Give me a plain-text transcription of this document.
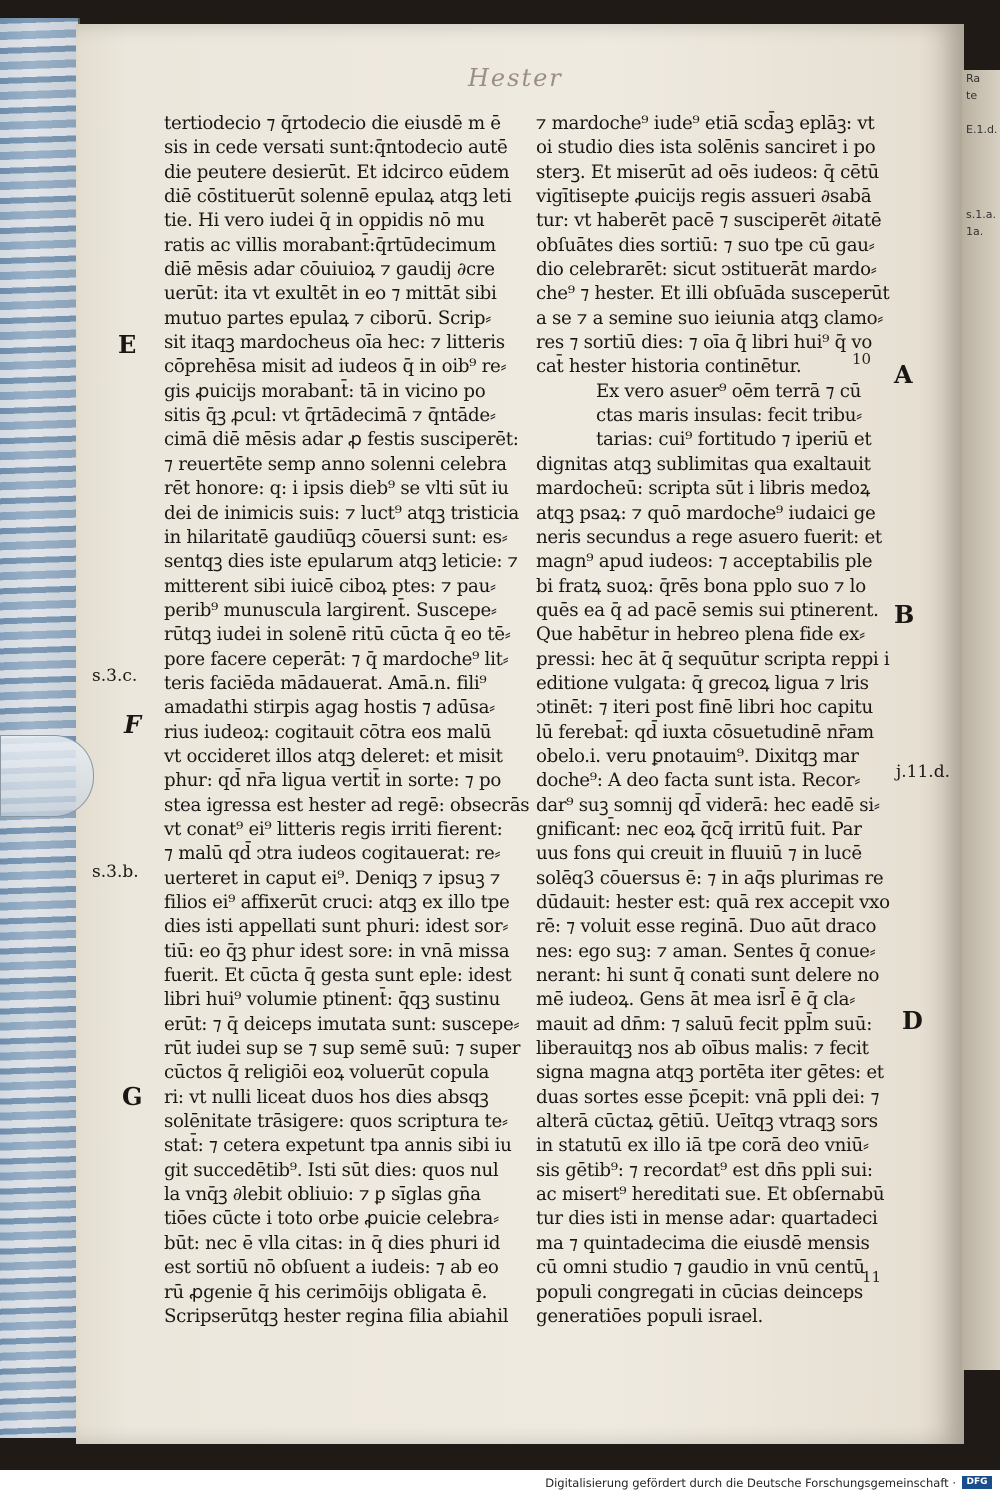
Ra
te

E.1.d.

s.1.a.
1a.
Hester
tertiodecio ⁊ q̄rtodecio die eiusdē m ē
sis in cede versati sunt:q̄ntodecio autē
die peutere desierūt. Et idcirco eūdem
diē cōstituerūt solennē epulaꝝ atqꝫ leti
tie. Hi vero iudei q̄ in oppidis nō mu
ratis ac villis morabant̄:q̄rtūdecimum
diē mēsis adar cōuiuioꝝ ⁊ gaudij ∂cre
uerūt: ita vt exultēt in eo ⁊ mittāt sibi
mutuo partes epulaꝝ ⁊ ciborū. Scrip⸗
sit itaqꝫ mardocheus oīa hec: ⁊ litteris
cōprehēsa misit ad iudeos q̄ in oib⁹ re⸗
gis ꝓuicijs morabant̄: tā in vicino po
sitis q̄ꝫ ꝓcul: vt q̄rtādecimā ⁊ q̄ntāde⸗
cimā diē mēsis adar ꝓ festis susciperēt:
⁊ reuertēte semp anno solenni celebra
rēt honore: q: i ipsis dieb⁹ se vlti sūt iu
dei de inimicis suis: ⁊ luct⁹ atqꝫ tristicia
in hilaritatē gaudiūqꝫ cōuersi sunt: es⸗
sentqꝫ dies iste epularum atqꝫ leticie: ⁊
mitterent sibi iuicē ciboꝝ ptes: ⁊ pau⸗
perib⁹ munuscula largirent̄. Suscepe⸗
rūtqꝫ iudei in solenē ritū cūcta q̄ eo tē⸗
pore facere ceperāt: ⁊ q̄ mardoche⁹ lit⸗
teris faciēda mādauerat. Amā.n. fili⁹
amadathi stirpis agag hostis ⁊ adūsa⸗
rius iudeoꝝ: cogitauit cōtra eos malū
vt occideret illos atqꝫ deleret: et misit
phur: qd̄ nr̄a ligua vertit̄ in sorte: ⁊ po
stea igressa est hester ad regē: obsecrās
vt conat⁹ ei⁹ litteris regis irriti fierent:
⁊ malū qd̄ ↄtra iudeos cogitauerat: re⸗
uerteret in caput ei⁹. Deniqꝫ ⁊ ipsuꝫ ⁊
filios ei⁹ affixerūt cruci: atqꝫ ex illo tpe
dies isti appellati sunt phuri: idest sor⸗
tiū: eo q̄ꝫ phur idest sore: in vnā missa
fuerit. Et cūcta q̄ gesta sunt eple: idest
libri hui⁹ volumie ptinent̄: q̄qꝫ sustinu
erūt: ⁊ q̄ deiceps imutata sunt: suscepe⸗
rūt iudei sup se ⁊ sup semē suū: ⁊ super
cūctos q̄ religiōi eoꝝ voluerūt copula
ri: vt nulli liceat duos hos dies absqꝫ
solēnitate trāsigere: quos scriptura te⸗
stat̄: ⁊ cetera expetunt tpa annis sibi iu
git succedētib⁹. Isti sūt dies: quos nul
la vnq̄ꝫ ∂lebit obliuio: ⁊ ꝑ sīglas gn̄a
tiōes cūcte i toto orbe ꝓuicie celebra⸗
būt: nec ē vlla citas: in q̄ dies phuri id
est sortiū nō obſuent a iudeis: ⁊ ab eo
rū ꝓgenie q̄ his cerimōijs obligata ē.
Scripserūtqꝫ hester regina filia abiahil
⁊ mardoche⁹ iude⁹ etiā scd̄aꝫ eplāꝫ: vt
oi studio dies ista solēnis sanciret i po
sterꝫ. Et miserūt ad oēs iudeos: q̄ cētū
vigītisepte ꝓuicijs regis assueri ∂sabā
tur: vt haberēt pacē ⁊ susciperēt ∂itatē
obſuātes dies sortiū: ⁊ suo tpe cū gau⸗
dio celebrarēt: sicut ↄstituerāt mardo⸗
che⁹ ⁊ hester. Et illi obſuāda susceperūt
a se ⁊ a semine suo ieiunia atqꝫ clamo⸗
res ⁊ sortiū dies: ⁊ oīa q̄ libri hui⁹ q̄ vo
cat̄ hester historia continētur.
Ex vero asuer⁹ oēm terrā ⁊ cū
ctas maris insulas: fecit tribu⸗
tarias: cui⁹ fortitudo ⁊ iperiū et
dignitas atqꝫ sublimitas qua exaltauit
mardocheū: scripta sūt i libris medoꝝ
atqꝫ psaꝝ: ⁊ quō mardoche⁹ iudaici ge
neris secundus a rege asuero fuerit: et
magn⁹ apud iudeos: ⁊ acceptabilis ple
bi fratꝝ suoꝝ: q̄rēs bona pplo suo ⁊ lo
quēs ea q̄ ad pacē semis sui ptinerent.
Que habētur in hebreo plena fide ex⸗
pressi: hec āt q̄ sequūtur scripta reppi i
editione vulgata: q̄ grecoꝝ ligua ⁊ lris
ↄtinēt: ⁊ iteri post finē libri hoc capitu
lū ferebat̄: qd̄ iuxta cōsuetudinē nr̄am
obelo.i. veru ꝑnotauim⁹. Dixitqꝫ mar
doche⁹: A deo facta sunt ista. Recor⸗
dar⁹ suꝫ somnij qd̄ viderā: hec eadē si⸗
gnificant̄: nec eoꝝ q̄cq̄ irritū fuit. Par
uus fons qui creuit in fluuiū ⁊ in lucē
solēq3 cōuersus ē: ⁊ in aq̄s plurimas re
dūdauit: hester est: quā rex accepit vxo
rē: ⁊ voluit esse reginā. Duo aūt draco
nes: ego suꝫ: ⁊ aman. Sentes q̄ conue⸗
nerant: hi sunt q̄ conati sunt delere no
mē iudeoꝝ. Gens āt mea isrl̄ ē q̄ cla⸗
mauit ad dn̄m: ⁊ saluū fecit ppl̄m suū:
liberauitqꝫ nos ab oībus malis: ⁊ fecit
signa magna atqꝫ portēta iter gētes: et
duas sortes esse p̄cepit: vnā ppli dei: ⁊
alterā cūctaꝝ gētiū. Ueītqꝫ vtraqꝫ sors
in statutū ex illo iā tpe corā deo vniū⸗
sis gētib⁹: ⁊ recordat⁹ est dn̄s ppli sui:
ac misert⁹ hereditati sue. Et obſernabū
tur dies isti in mense adar: quartadeci
ma ⁊ quintadecima die eiusdē mensis
cū omni studio ⁊ gaudio in vnū centū
populi congregati in cūcias deinceps
generatiōes populi israel.
E
s.3.c.
F
s.3.b.
G
A
B
j.11.d.
D
10
11
Digitalisierung gefördert durch die Deutsche Forschungsgemeinschaft ·	DFG
